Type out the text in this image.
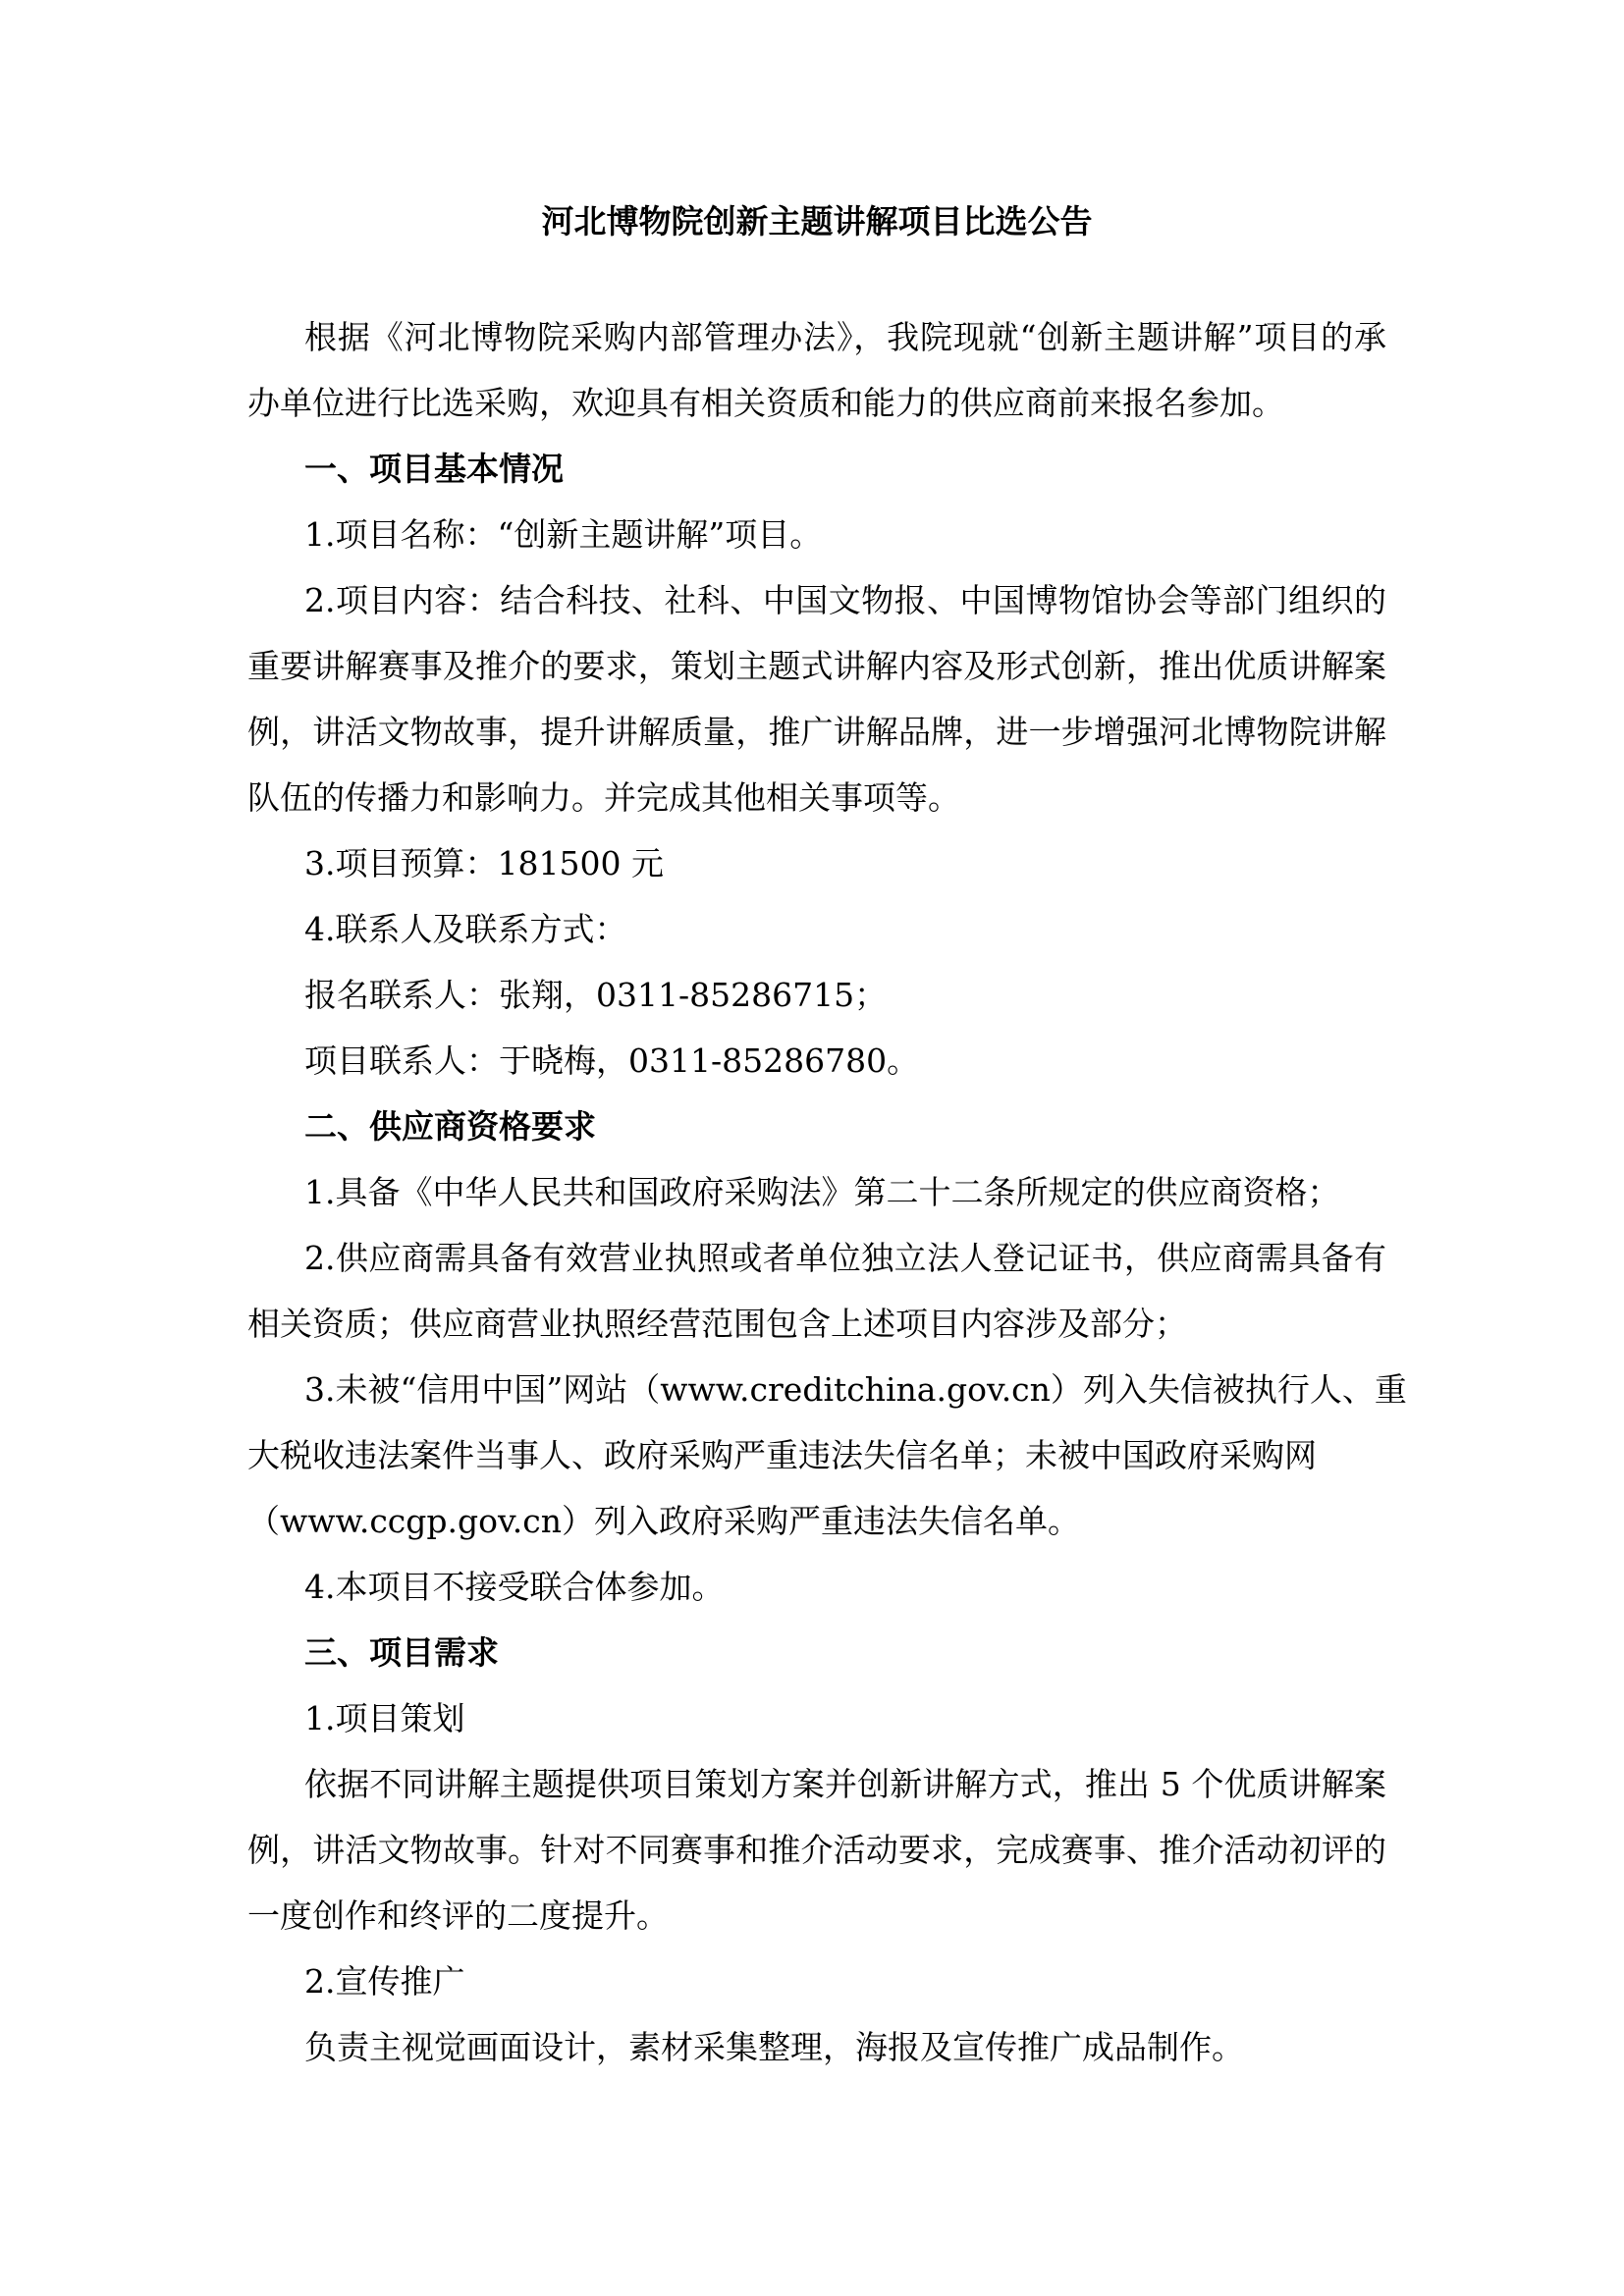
河北博物院创新主题讲解项目比选公告

根据《河北博物院采购内部管理办法》，我院现就“创新主题讲解”项目的承办单位进行比选采购，欢迎具有相关资质和能力的供应商前来报名参加。

一、项目基本情况

1.项目名称：“创新主题讲解”项目。

2.项目内容：结合科技、社科、中国文物报、中国博物馆协会等部门组织的重要讲解赛事及推介的要求，策划主题式讲解内容及形式创新，推出优质讲解案例，讲活文物故事，提升讲解质量，推广讲解品牌，进一步增强河北博物院讲解队伍的传播力和影响力。并完成其他相关事项等。

3.项目预算：181500 元

4.联系人及联系方式：

报名联系人：张翔，0311-85286715；

项目联系人：于晓梅，0311-85286780。

二、供应商资格要求

1.具备《中华人民共和国政府采购法》第二十二条所规定的供应商资格；

2.供应商需具备有效营业执照或者单位独立法人登记证书，供应商需具备有相关资质；供应商营业执照经营范围包含上述项目内容涉及部分；

3.未被“信用中国”网站（www.creditchina.gov.cn）列入失信被执行人、重

大税收违法案件当事人、政府采购严重违法失信名单；未被中国政府采购网

（www.ccgp.gov.cn）列入政府采购严重违法失信名单。

4.本项目不接受联合体参加。

三、项目需求

1.项目策划

依据不同讲解主题提供项目策划方案并创新讲解方式，推出 5 个优质讲解案例，讲活文物故事。针对不同赛事和推介活动要求，完成赛事、推介活动初评的一度创作和终评的二度提升。

2.宣传推广

负责主视觉画面设计，素材采集整理，海报及宣传推广成品制作。
